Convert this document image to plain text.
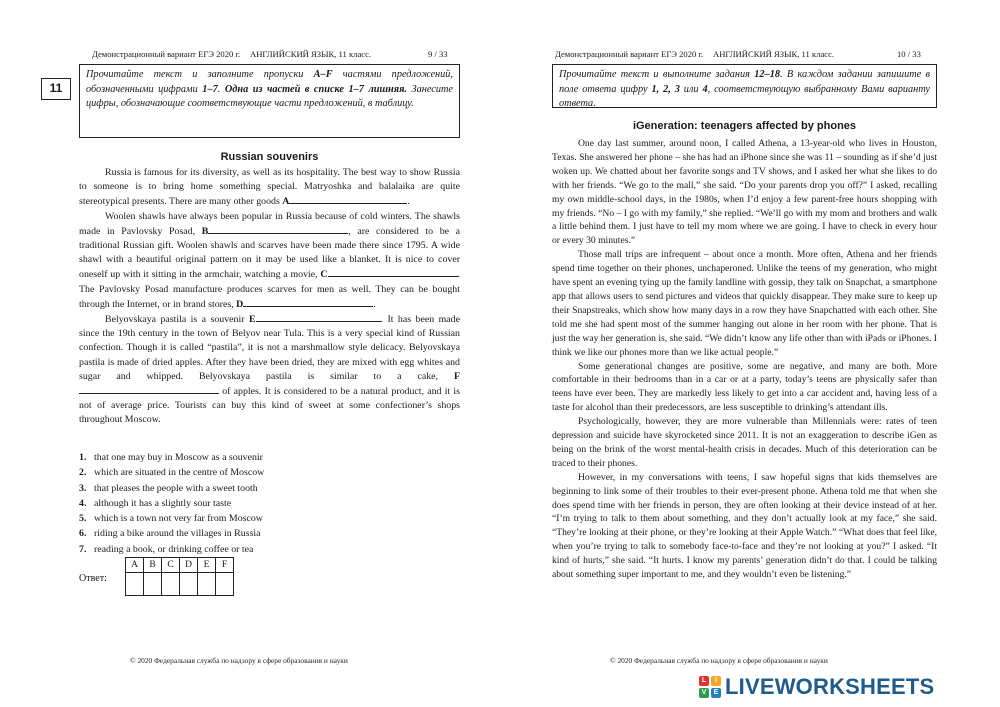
Демонстрационный вариант ЕГЭ 2020 г. АНГЛИЙСКИЙ ЯЗЫК, 11 класс.	9 / 33
11
Прочитайте текст и заполните пропуски A–F частями предложений, обозначенными цифрами 1–7. Одна из частей в списке 1–7 лишняя. Занесите цифры, обозначающие соответствующие части предложений, в таблицу.
Russian souvenirs

Russia is famous for its diversity, as well as its hospitality. The best way to show Russia to someone is to bring home something special. Matryoshka and balalaika are quite stereotypical presents. There are many other goods A	.

Woolen shawls have always been popular in Russia because of cold winters. The shawls made in Pavlovsky Posad, B	, are considered to be a traditional Russian gift. Woolen shawls and scarves have been made there since 1795. A wide shawl with a beautiful original pattern on it may be used like a blanket. It is nice to cover oneself up with it sitting in the armchair, watching a movie, C	. The Pavlovsky Posad manufacture produces scarves for men as well. They can be bought through the Internet, or in brand stores, D	.

Belyovskaya pastila is a souvenir E	. It has been made since the 19th century in the town of Belyov near Tula. This is a very special kind of Russian confection. Though it is called “pastila”, it is not a marshmallow style delicacy. Belyovskaya pastila is made of dried apples. After they have been dried, they are mixed with egg whites and sugar and whipped. Belyovskaya pastila is similar to a cake, F of apples. It is considered to be a natural product, and it is not of average price. Tourists can buy this kind of sweet at some confectioner’s shops throughout Moscow.

1. that one may buy in Moscow as a souvenir
2. which are situated in the centre of Moscow
3. that pleases the people with a sweet tooth
4. although it has a slightly sour taste
5. which is a town not very far from Moscow
6. riding a bike around the villages in Russia
7. reading a book, or drinking coffee or tea
Ответ:
A	B	C	D	E	F

© 2020 Федеральная служба по надзору в сфере образования и науки
Демонстрационный вариант ЕГЭ 2020 г. АНГЛИЙСКИЙ ЯЗЫК, 11 класс.	10 / 33
Прочитайте текст и выполните задания 12–18. В каждом задании запишите в поле ответа цифру 1, 2, 3 или 4, соответствующую выбранному Вами варианту ответа.
iGeneration: teenagers affected by phones

One day last summer, around noon, I called Athena, a 13-year-old who lives in Houston, Texas. She answered her phone – she has had an iPhone since she was 11 – sounding as if she’d just woken up. We chatted about her favorite songs and TV shows, and I asked her what she likes to do with her friends. “We go to the mall,” she said. “Do your parents drop you off?” I asked, recalling my own middle-school days, in the 1980s, when I’d enjoy a few parent-free hours shopping with my friends. “No – I go with my family,” she replied. “We’ll go with my mom and brothers and walk a little behind them. I just have to tell my mom where we are going. I have to check in every hour or every 30 minutes.”

Those mall trips are infrequent – about once a month. More often, Athena and her friends spend time together on their phones, unchaperoned. Unlike the teens of my generation, who might have spent an evening tying up the family landline with gossip, they talk on Snapchat, a smartphone app that allows users to send pictures and videos that quickly disappear. They make sure to keep up their Snapstreaks, which show how many days in a row they have Snapchatted with each other. She told me she had spent most of the summer hanging out alone in her room with her phone. That is just the way her generation is, she said. “We didn’t know any life other than with iPads or iPhones. I think we like our phones more than we like actual people.”

Some generational changes are positive, some are negative, and many are both. More comfortable in their bedrooms than in a car or at a party, today’s teens are physically safer than teens have ever been. They are markedly less likely to get into a car accident and, having less of a taste for alcohol than their predecessors, are less susceptible to drinking’s attendant ills.

Psychologically, however, they are more vulnerable than Millennials were: rates of teen depression and suicide have skyrocketed since 2011. It is not an exaggeration to describe iGen as being on the brink of the worst mental-health crisis in decades. Much of this deterioration can be traced to their phones.

However, in my conversations with teens, I saw hopeful signs that kids themselves are beginning to link some of their troubles to their ever-present phone. Athena told me that when she does spend time with her friends in person, they are often looking at their device instead of at her. “I’m trying to talk to them about something, and they don’t actually look at my face,” she said. “They’re looking at their phone, or they’re looking at their Apple Watch.” “What does that feel like, when you’re trying to talk to somebody face-to-face and they’re not looking at you?” I asked. “It kind of hurts,” she said. “It hurts. I know my parents’ generation didn’t do that. I could be talking about something super important to me, and they wouldn’t even be listening.”

© 2020 Федеральная служба по надзору в сфере образования и науки
L	I
V	E LIVEWORKSHEETS
